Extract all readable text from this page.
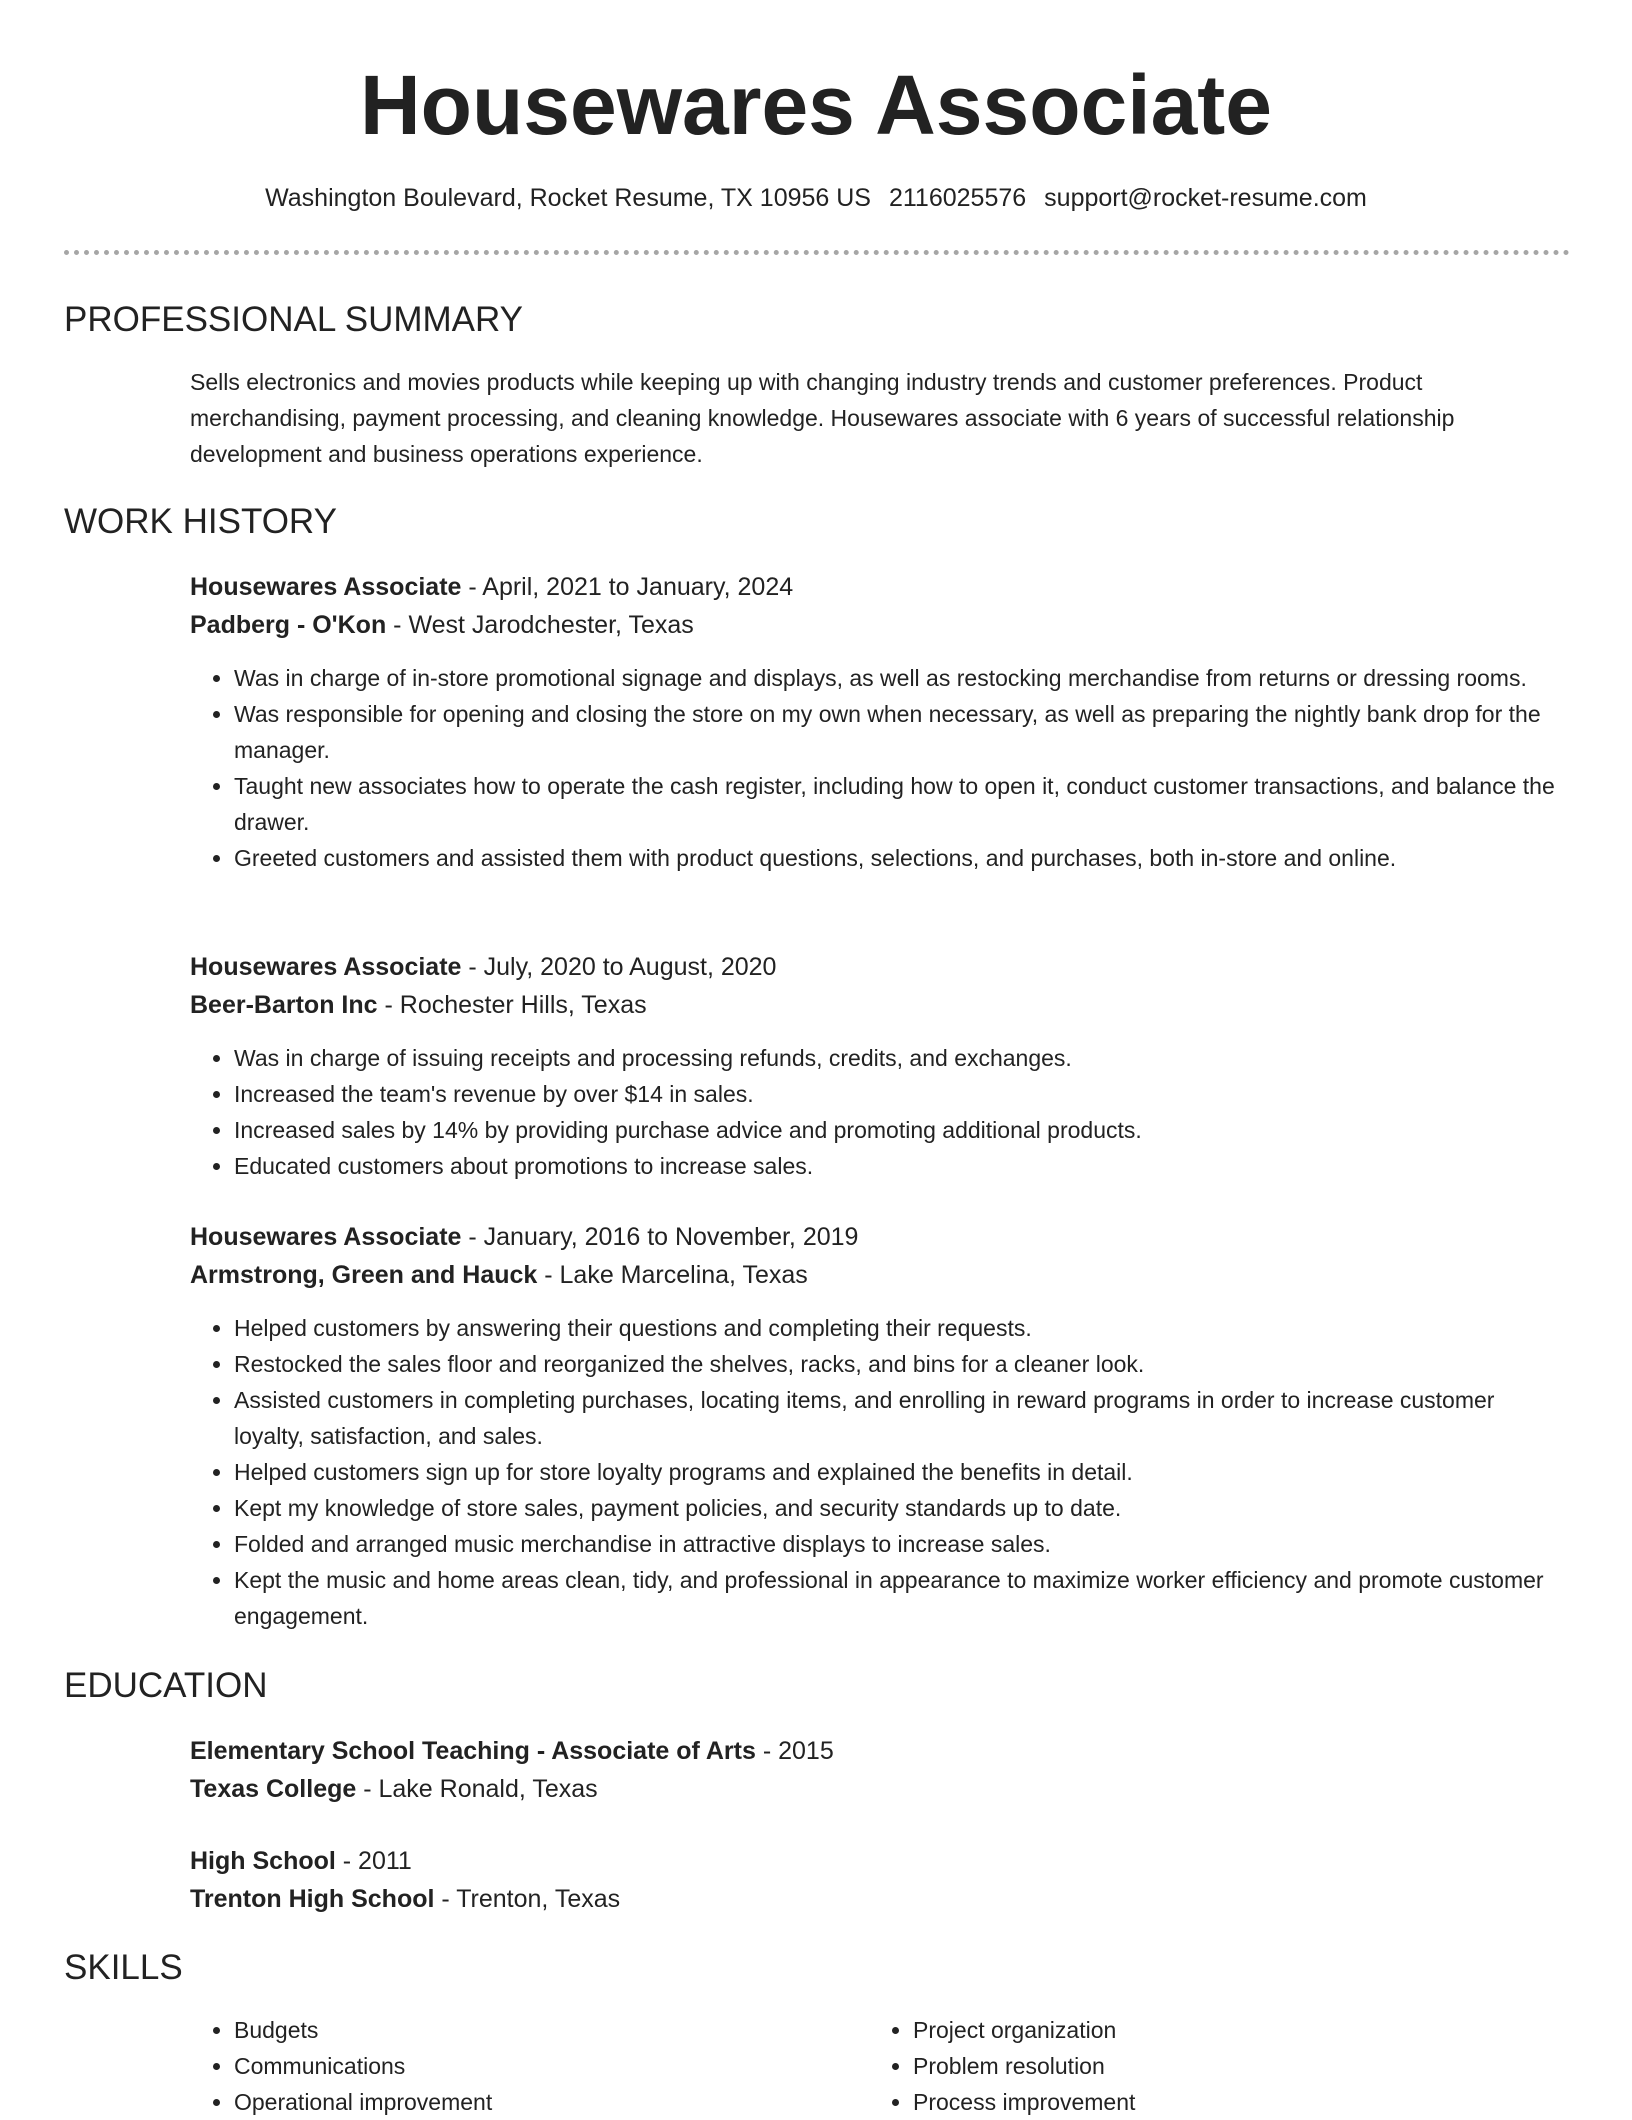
Housewares Associate
Washington Boulevard, Rocket Resume, TX 10956 US 2116025576 support@rocket-resume.com
PROFESSIONAL SUMMARY

Sells electronics and movies products while keeping up with changing industry trends and customer preferences. Product merchandising, payment processing, and cleaning knowledge. Housewares associate with 6 years of successful relationship development and business operations experience.

WORK HISTORY

Housewares Associate - April, 2021 to January, 2024

Padberg - O'Kon - West Jarodchester, Texas

• Was in charge of in-store promotional signage and displays, as well as restocking merchandise from returns or dressing rooms.
• Was responsible for opening and closing the store on my own when necessary, as well as preparing the nightly bank drop for the manager.
• Taught new associates how to operate the cash register, including how to open it, conduct customer transactions, and balance the drawer.
• Greeted customers and assisted them with product questions, selections, and purchases, both in-store and online.

Housewares Associate - July, 2020 to August, 2020

Beer-Barton Inc - Rochester Hills, Texas

• Was in charge of issuing receipts and processing refunds, credits, and exchanges.
• Increased the team's revenue by over $14 in sales.
• Increased sales by 14% by providing purchase advice and promoting additional products.
• Educated customers about promotions to increase sales.

Housewares Associate - January, 2016 to November, 2019

Armstrong, Green and Hauck - Lake Marcelina, Texas

• Helped customers by answering their questions and completing their requests.
• Restocked the sales floor and reorganized the shelves, racks, and bins for a cleaner look.
• Assisted customers in completing purchases, locating items, and enrolling in reward programs in order to increase customer loyalty, satisfaction, and sales.
• Helped customers sign up for store loyalty programs and explained the benefits in detail.
• Kept my knowledge of store sales, payment policies, and security standards up to date.
• Folded and arranged music merchandise in attractive displays to increase sales.
• Kept the music and home areas clean, tidy, and professional in appearance to maximize worker efficiency and promote customer engagement.
EDUCATION

Elementary School Teaching - Associate of Arts - 2015

Texas College - Lake Ronald, Texas

High School - 2011

Trenton High School - Trenton, Texas

SKILLS
• Budgets
• Communications
• Operational improvement
• Project organization
• Problem resolution
• Process improvement
